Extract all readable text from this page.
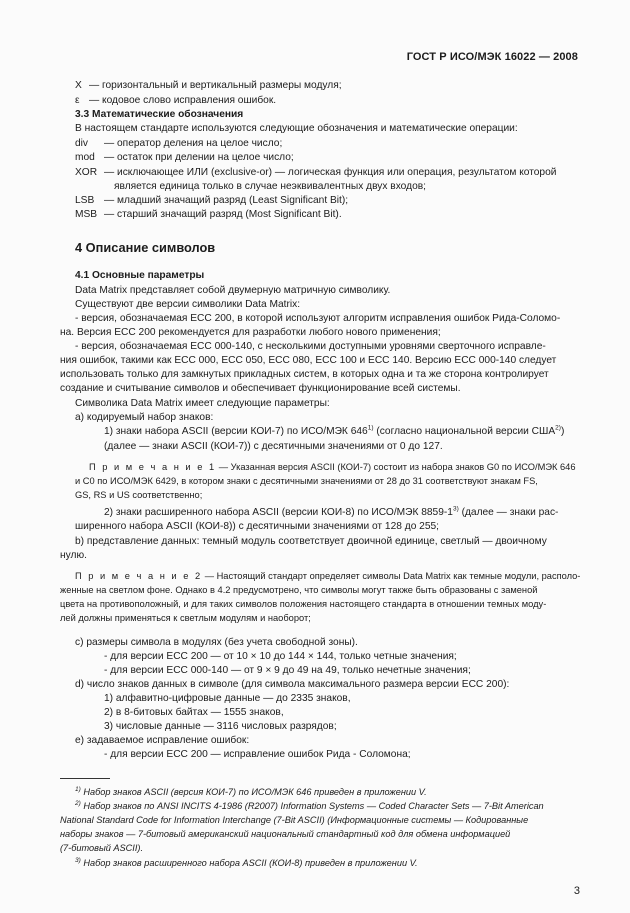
ГОСТ Р ИСО/МЭК 16022 — 2008
X — горизонтальный и вертикальный размеры модуля;
ε — кодовое слово исправления ошибок.
3.3 Математические обозначения
В настоящем стандарте используются следующие обозначения и математические операции:
div — оператор деления на целое число;
mod — остаток при делении на целое число;
XOR — исключающее ИЛИ (exclusive-or) — логическая функция или операция, результатом которой
является единица только в случае неэквивалентных двух входов;
LSB — младший значащий разряд (Least Significant Bit);
MSB — старший значащий разряд (Most Significant Bit).
4 Описание символов
4.1 Основные параметры
Data Matrix представляет собой двумерную матричную символику.
Существуют две версии символики Data Matrix:
- версия, обозначаемая ECC 200, в которой используют алгоритм исправления ошибок Рида-Соломо-
на. Версия ECC 200 рекомендуется для разработки любого нового применения;
- версия, обозначаемая ECC 000-140, с несколькими доступными уровнями сверточного исправле-
ния ошибок, такими как ECC 000, ECC 050, ECC 080, ECC 100 и ECC 140. Версию ECC 000-140 следует
использовать только для замкнутых прикладных систем, в которых одна и та же сторона контролирует
создание и считывание символов и обеспечивает функционирование всей системы.
Символика Data Matrix имеет следующие параметры:
а) кодируемый набор знаков:
1) знаки набора ASCII (версии КОИ-7) по ИСО/МЭК 646$^{1)}$ (согласно национальной версии США$^{2)}$)
(далее — знаки ASCII (КОИ-7)) с десятичными значениями от 0 до 127.
П р и м е ч а н и е 1 — Указанная версия ASCII (КОИ-7) состоит из набора знаков G0 по ИСО/МЭК 646
и C0 по ИСО/МЭК 6429, в котором знаки с десятичными значениями от 28 до 31 соответствуют знакам FS,
GS, RS и US соответственно;
2) знаки расширенного набора ASCII (версии КОИ-8) по ИСО/МЭК 8859-1$^{3)}$ (далее — знаки рас-
ширенного набора ASCII (КОИ-8)) с десятичными значениями от 128 до 255;
b) представление данных: темный модуль соответствует двоичной единице, светлый — двоичному
нулю.
П р и м е ч а н и е 2 — Настоящий стандарт определяет символы Data Matrix как темные модули, располо-
женные на светлом фоне. Однако в 4.2 предусмотрено, что символы могут также быть образованы с заменой
цвета на противоположный, и для таких символов положения настоящего стандарта в отношении темных моду-
лей должны применяться к светлым модулям и наоборот;
с) размеры символа в модулях (без учета свободной зоны).
- для версии ECC 200 — от 10 × 10 до 144 × 144, только четные значения;
- для версии ECC 000-140 — от 9 × 9 до 49 на 49, только нечетные значения;
d) число знаков данных в символе (для символа максимального размера версии ECC 200):
1) алфавитно-цифровые данные — до 2335 знаков,
2) в 8-битовых байтах — 1555 знаков,
3) числовые данные — 3116 числовых разрядов;
е) задаваемое исправление ошибок:
- для версии ECC 200 — исправление ошибок Рида - Соломона;
$^{1)}$ Набор знаков ASCII (версия КОИ-7) по ИСО/МЭК 646 приведен в приложении V.
$^{2)}$ Набор знаков по ANSI INCITS 4-1986 (R2007) Information Systems — Coded Character Sets — 7-Bit American
National Standard Code for Information Interchange (7-Bit ASCII) (Информационные системы — Кодированные
наборы знаков — 7-битовый американский национальный стандартный код для обмена информацией
(7-битовый ASCII).
$^{3)}$ Набор знаков расширенного набора ASCII (КОИ-8) приведен в приложении V.
3
